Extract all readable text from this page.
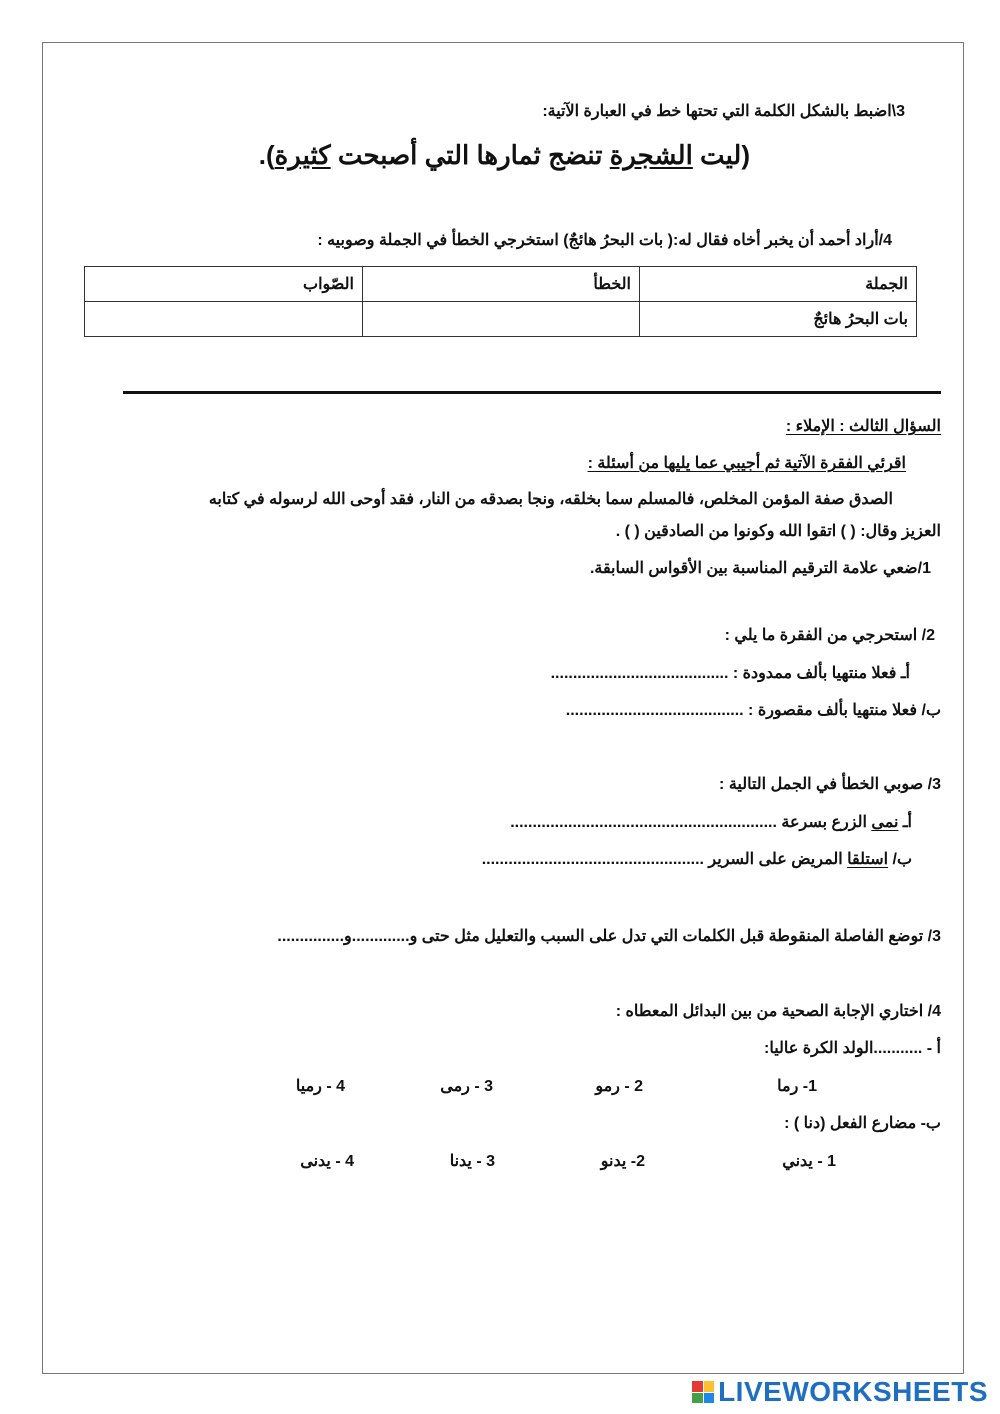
3\اضبط بالشكل الكلمة التي تحتها خط في العبارة الآتية:
(ليت الشجرة تنضج ثمارها التي أصبحت كثيرة).
4/أراد أحمد أن يخبر أخاه فقال له:( بات البحرُ هائجٌ) استخرجي الخطأ في الجملة وصوبيه :
الجملة	الخطأ	الصّواب
بات البحرُ هائجٌ		
السؤال الثالث : الإملاء :
اقرئي الفقرة الآتية ثم أجيبي عما يليها من أسئلة :
الصدق صفة المؤمن المخلص، فالمسلم سما بخلقه، ونجا بصدقه من النار، فقد أوحى الله لرسوله في كتابه
العزيز وقال: ( ) اتقوا الله وكونوا من الصادقين ( ) .
1/ضعي علامة الترقيم المناسبة بين الأقواس السابقة.
2/ استحرجي من الفقرة ما يلي :
أـ فعلا منتهيا بألف ممدودة : ........................................
ب/ فعلا منتهيا بألف مقصورة : ........................................
3/ صوبي الخطأ في الجمل التالية :
أـ نمى الزرع بسرعة ............................................................
ب/ استلقا المريض على السرير ..................................................
3/ توضع الفاصلة المنقوطة قبل الكلمات التي تدل على السبب والتعليل مثل حتى و.............و...............
4/ اختاري الإجابة الصحية من بين البدائل المعطاه :
أ - ...........الولد الكرة عاليا:
1- رما
2 - رمو
3 - رمى
4 - رميا
ب- مضارع الفعل (دنا ) :
1 - يدني
2- يدنو
3 - يدنا
4 - يدنى
LIVEWORKSHEETS
